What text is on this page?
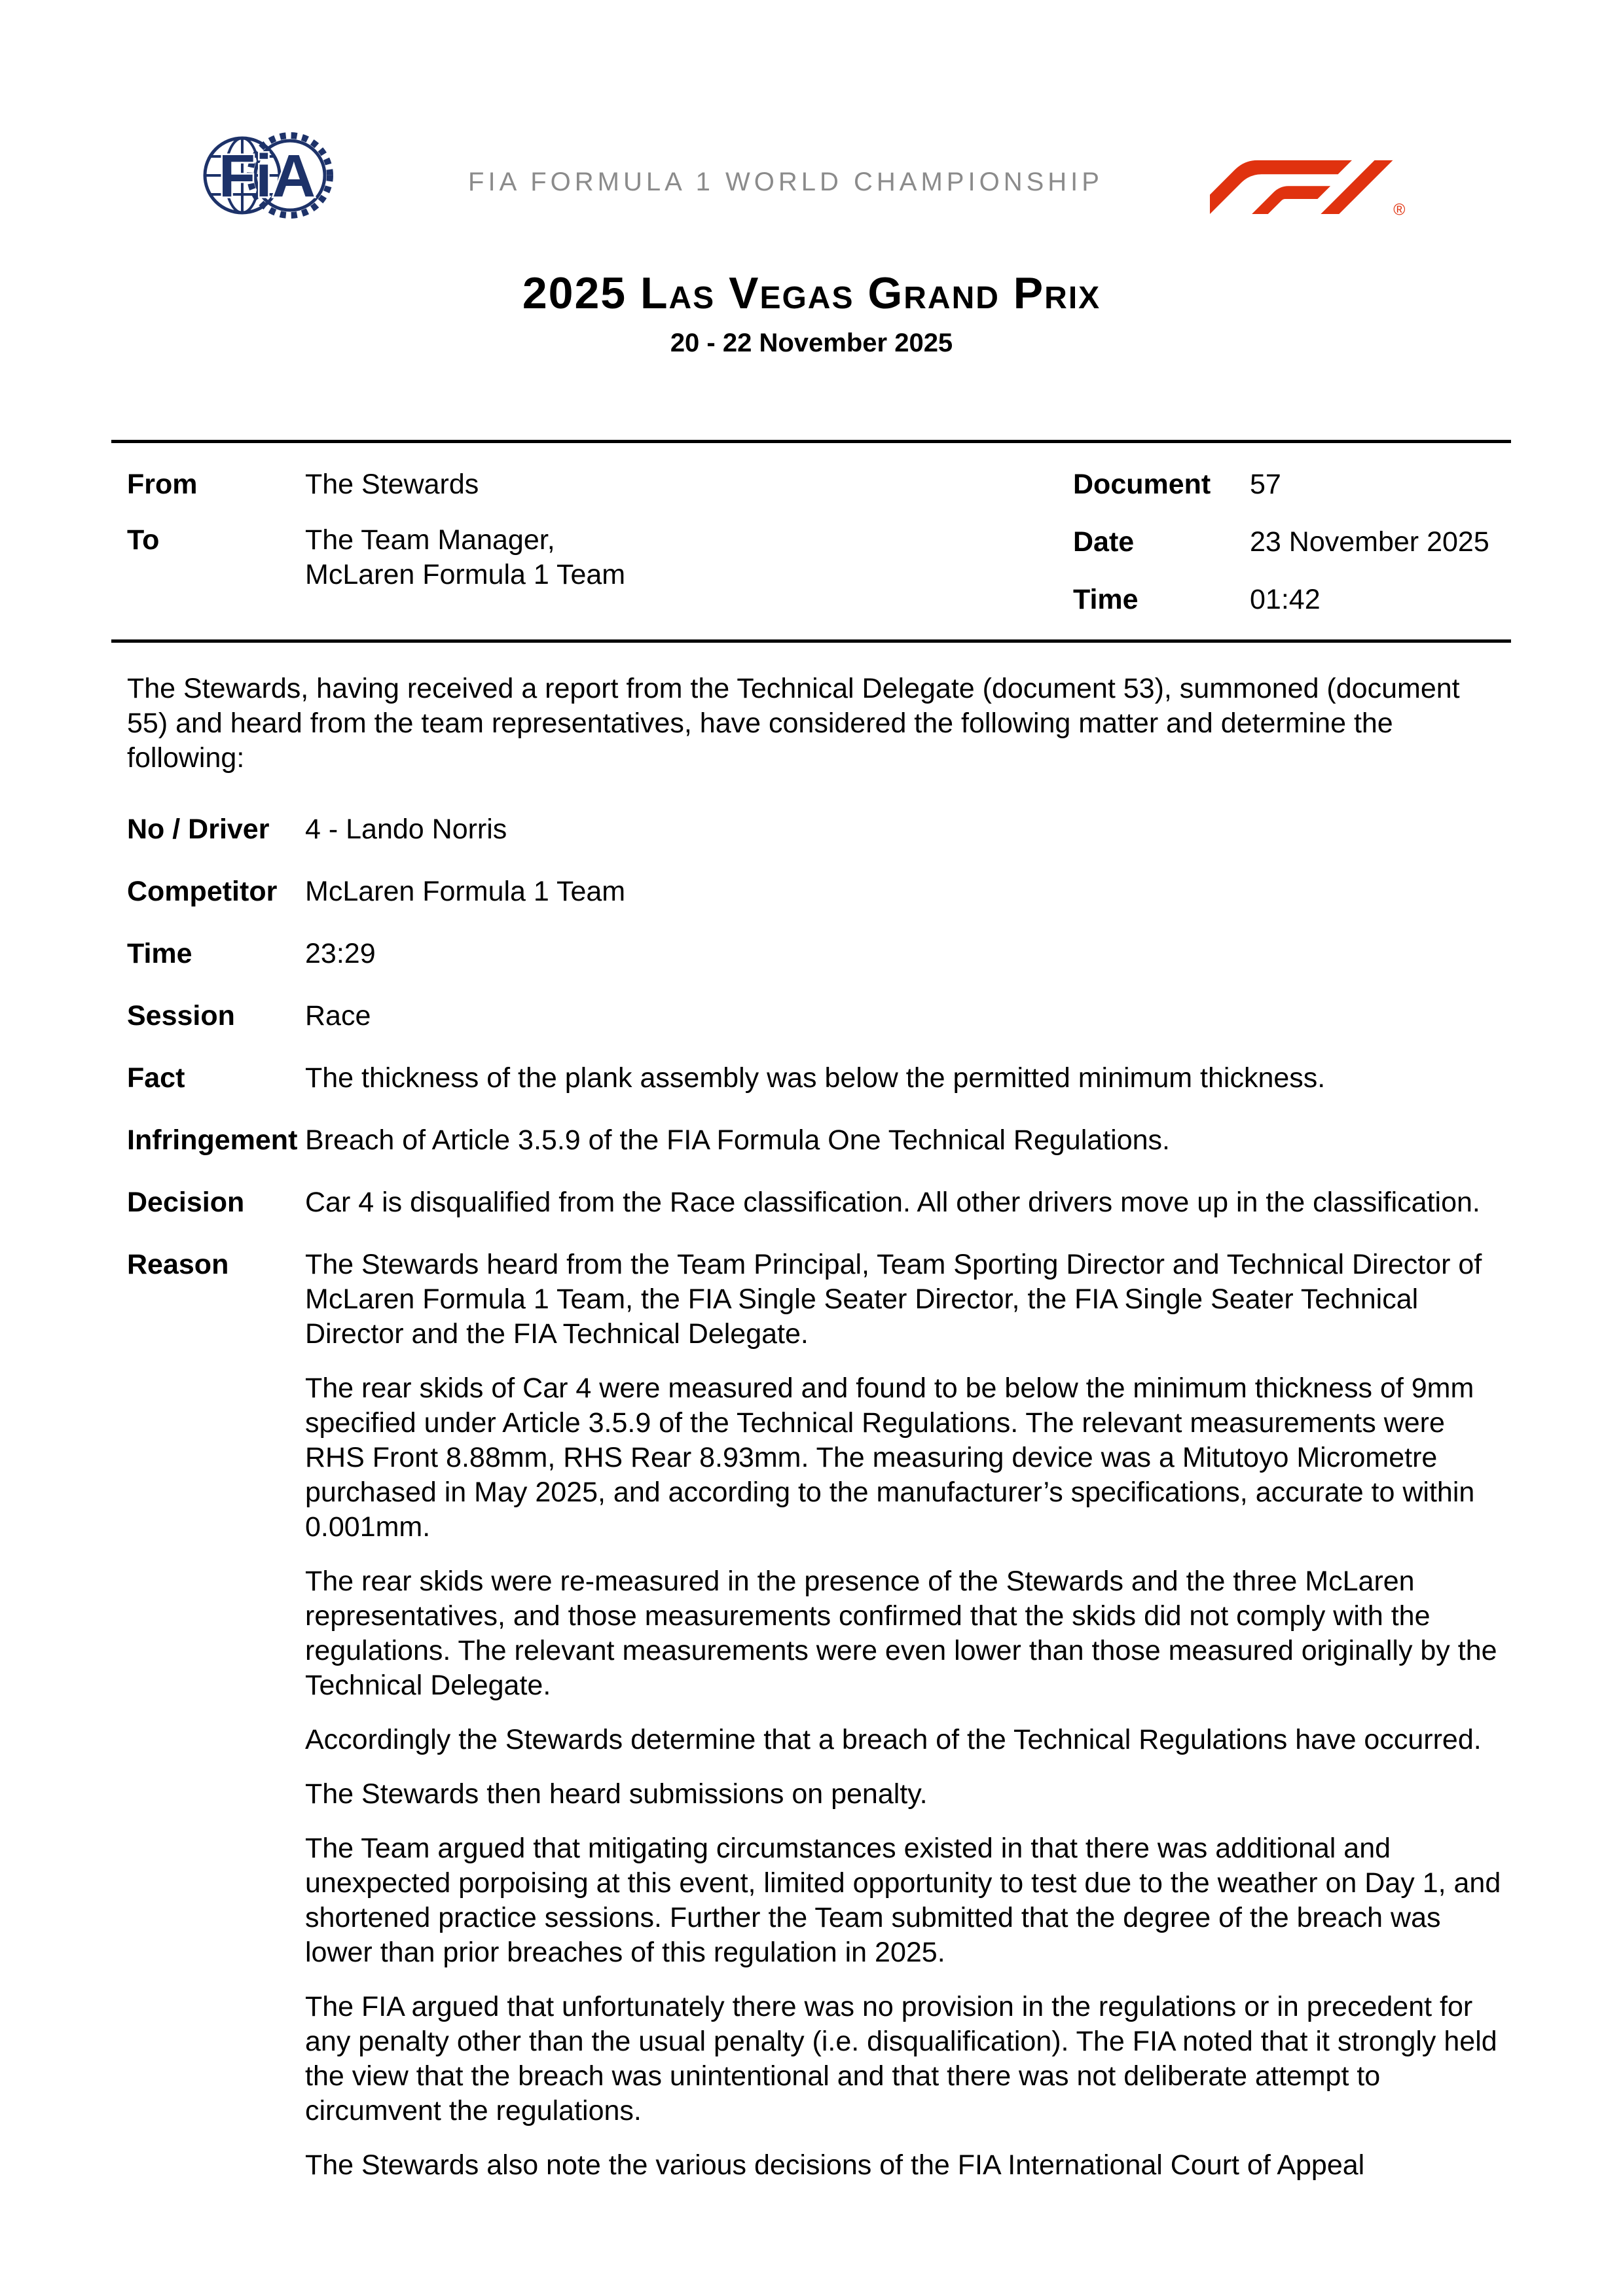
FiA	FIA FORMULA 1 WORLD CHAMPIONSHIP
®
2025 Las Vegas Grand Prix
20 - 22 November 2025
From	The Stewards
To	The Team Manager,
McLaren Formula 1 Team
Document	57
Date	23 November 2025
Time	01:42

The Stewards, having received a report from the Technical Delegate (document 53), summoned (document 55) and heard from the team representatives, have considered the following matter and determine the following:

No / Driver	4 - Lando Norris
Competitor McLaren Formula 1 Team
Time	23:29
Session	Race
Fact	The thickness of the plank assembly was below the permitted minimum thickness.
Infringement Breach of Article 3.5.9 of the FIA Formula One Technical Regulations.
Decision	Car 4 is disqualified from the Race classification. All other drivers move up in the classification.
Reason	The Stewards heard from the Team Principal, Team Sporting Director and Technical Director of McLaren Formula 1 Team, the FIA Single Seater Director, the FIA Single Seater Technical Director and the FIA Technical Delegate.

The rear skids of Car 4 were measured and found to be below the minimum thickness of 9mm specified under Article 3.5.9 of the Technical Regulations. The relevant measurements were RHS Front 8.88mm, RHS Rear 8.93mm. The measuring device was a Mitutoyo Micrometre purchased in May 2025, and according to the manufacturer’s specifications, accurate to within 0.001mm.

The rear skids were re-measured in the presence of the Stewards and the three McLaren representatives, and those measurements confirmed that the skids did not comply with the regulations. The relevant measurements were even lower than those measured originally by the Technical Delegate.

Accordingly the Stewards determine that a breach of the Technical Regulations have occurred.

The Stewards then heard submissions on penalty.

The Team argued that mitigating circumstances existed in that there was additional and unexpected porpoising at this event, limited opportunity to test due to the weather on Day 1, and shortened practice sessions. Further the Team submitted that the degree of the breach was lower than prior breaches of this regulation in 2025.

The FIA argued that unfortunately there was no provision in the regulations or in precedent for any penalty other than the usual penalty (i.e. disqualification). The FIA noted that it strongly held the view that the breach was unintentional and that there was not deliberate attempt to circumvent the regulations.

The Stewards also note the various decisions of the FIA International Court of Appeal
